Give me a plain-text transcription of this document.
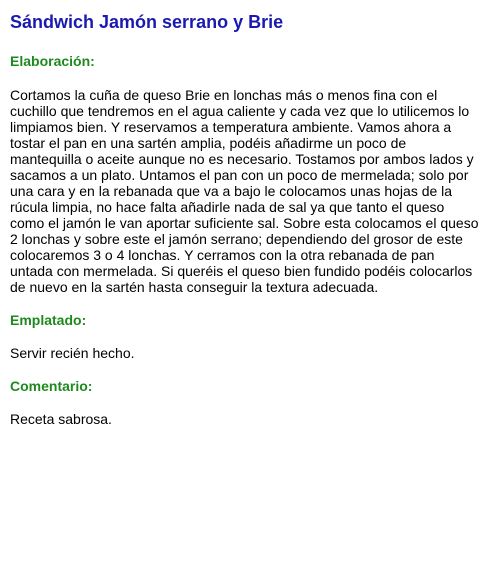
Sándwich Jamón serrano y Brie
Elaboración:

Cortamos la cuña de queso Brie en lonchas más o menos fina con el cuchillo que tendremos en el agua caliente y cada vez que lo utilicemos lo limpiamos bien. Y reservamos a temperatura ambiente. Vamos ahora a tostar el pan en una sartén amplia, podéis añadirme un poco de mantequilla o aceite aunque no es necesario. Tostamos por ambos lados y sacamos a un plato. Untamos el pan con un poco de mermelada; solo por una cara y en la rebanada que va a bajo le colocamos unas hojas de la rúcula limpia, no hace falta añadirle nada de sal ya que tanto el queso como el jamón le van aportar suficiente sal. Sobre esta colocamos el queso 2 lonchas y sobre este el jamón serrano; dependiendo del grosor de este colocaremos 3 o 4 lonchas. Y cerramos con la otra rebanada de pan untada con mermelada. Si queréis el queso bien fundido podéis colocarlos de nuevo en la sartén hasta conseguir la textura adecuada.

Emplatado:

Servir recién hecho.

Comentario:

Receta sabrosa.
